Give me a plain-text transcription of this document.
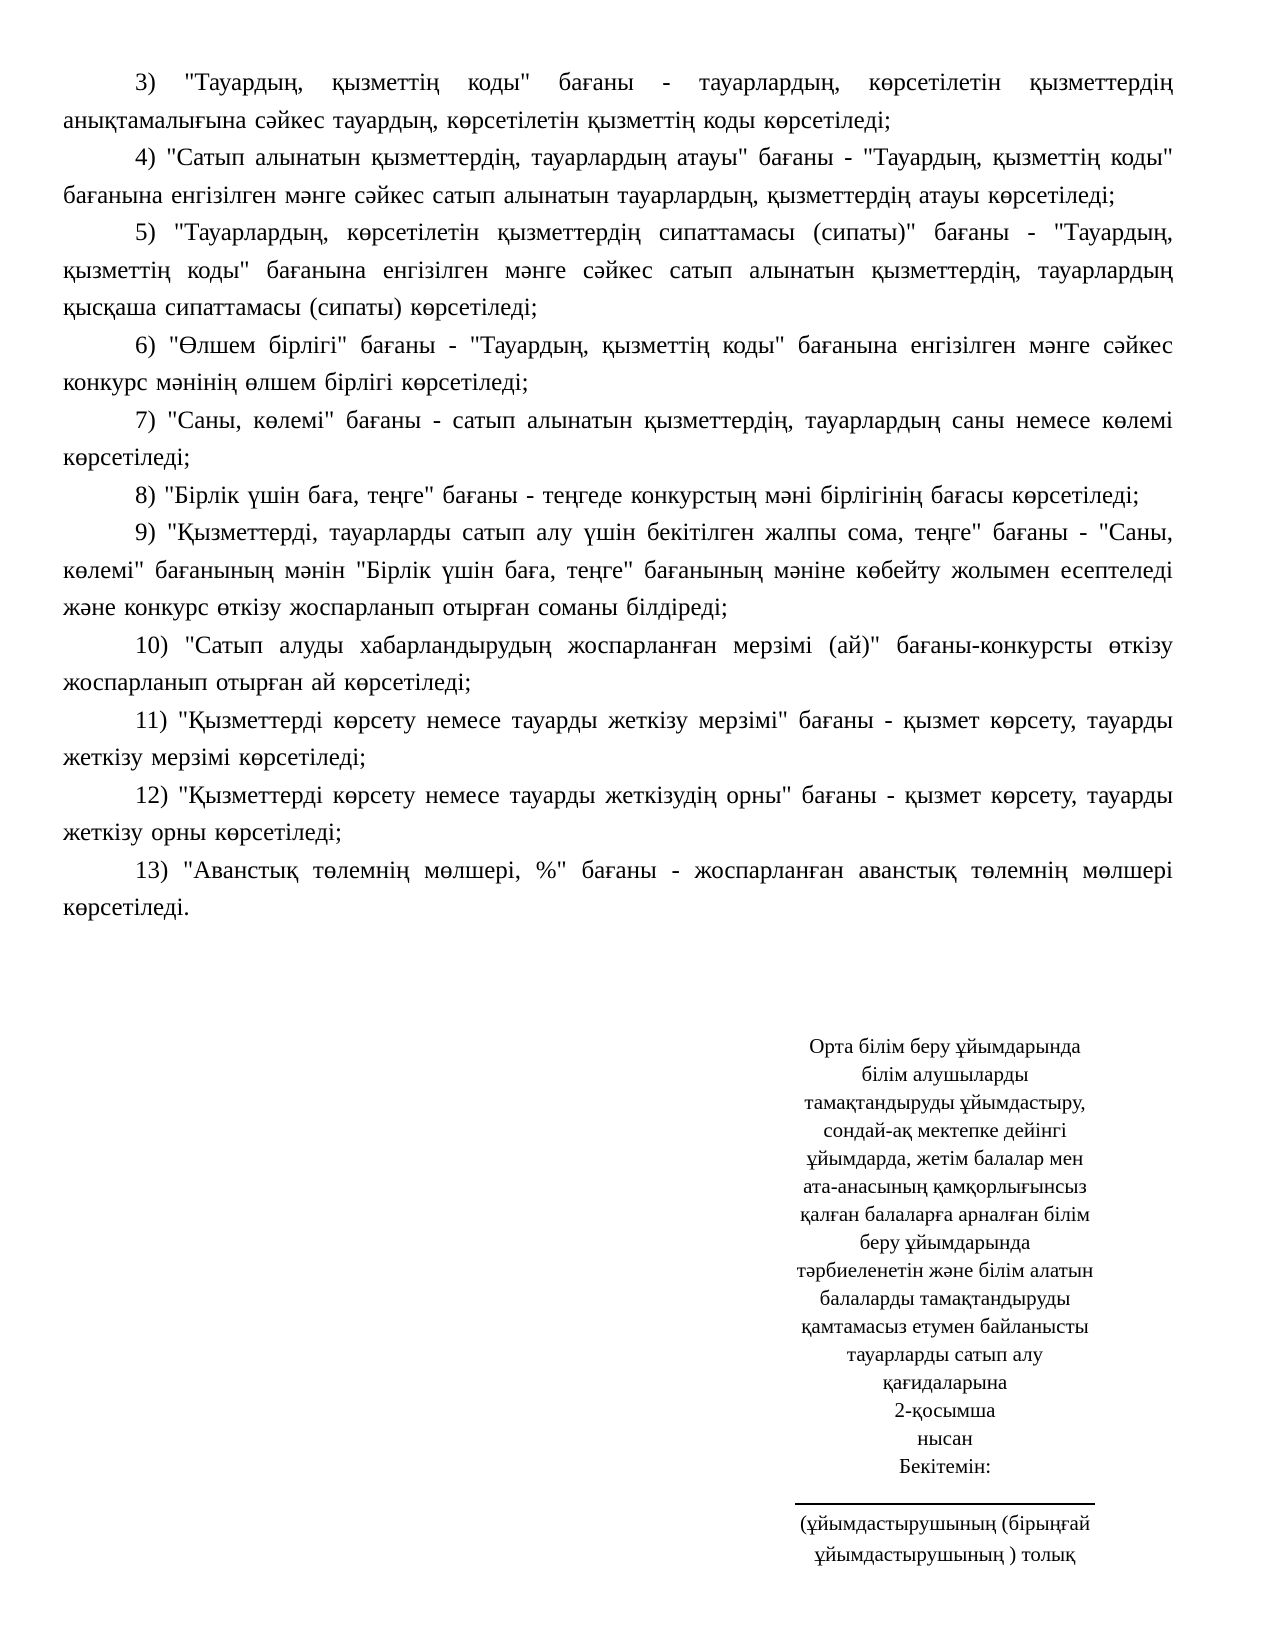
3) "Тауардың, қызметтің коды" бағаны - тауарлардың, көрсетілетін қызметтердің анықтамалығына сәйкес тауардың, көрсетілетін қызметтің коды көрсетіледі;

4) "Сатып алынатын қызметтердің, тауарлардың атауы" бағаны - "Тауардың, қызметтің коды" бағанына енгізілген мәнге сәйкес сатып алынатын тауарлардың, қызметтердің атауы көрсетіледі;

5) "Тауарлардың, көрсетілетін қызметтердің сипаттамасы (сипаты)" бағаны - "Тауардың, қызметтің коды" бағанына енгізілген мәнге сәйкес сатып алынатын қызметтердің, тауарлардың қысқаша сипаттамасы (сипаты) көрсетіледі;

6) "Өлшем бірлігі" бағаны - "Тауардың, қызметтің коды" бағанына енгізілген мәнге сәйкес конкурс мәнінің өлшем бірлігі көрсетіледі;

7) "Саны, көлемі" бағаны - сатып алынатын қызметтердің, тауарлардың саны немесе көлемі көрсетіледі;

8) "Бірлік үшін баға, теңге" бағаны - теңгеде конкурстың мәні бірлігінің бағасы көрсетіледі;

9) "Қызметтерді, тауарларды сатып алу үшін бекітілген жалпы сома, теңге" бағаны - "Саны, көлемі" бағанының мәнін "Бірлік үшін баға, теңге" бағанының мәніне көбейту жолымен есептеледі және конкурс өткізу жоспарланып отырған соманы білдіреді;

10) "Сатып алуды хабарландырудың жоспарланған мерзімі (ай)" бағаны-конкурсты өткізу жоспарланып отырған ай көрсетіледі;

11) "Қызметтерді көрсету немесе тауарды жеткізу мерзімі" бағаны - қызмет көрсету, тауарды жеткізу мерзімі көрсетіледі;

12) "Қызметтерді көрсету немесе тауарды жеткізудің орны" бағаны - қызмет көрсету, тауарды жеткізу орны көрсетіледі;

13) "Аванстық төлемнің мөлшері, %" бағаны - жоспарланған аванстық төлемнің мөлшері көрсетіледі.

Орта білім беру ұйымдарында
білім алушыларды
тамақтандыруды ұйымдастыру,
сондай-ақ мектепке дейінгі
ұйымдарда, жетім балалар мен
ата-анасының қамқорлығынсыз
қалған балаларға арналған білім
беру ұйымдарында
тәрбиеленетін және білім алатын
балаларды тамақтандыруды
қамтамасыз етумен байланысты
тауарларды сатып алу
қағидаларына
2-қосымша
нысан
Бекітемін:
(ұйымдастырушының (бірыңғай
ұйымдастырушының ) толық
